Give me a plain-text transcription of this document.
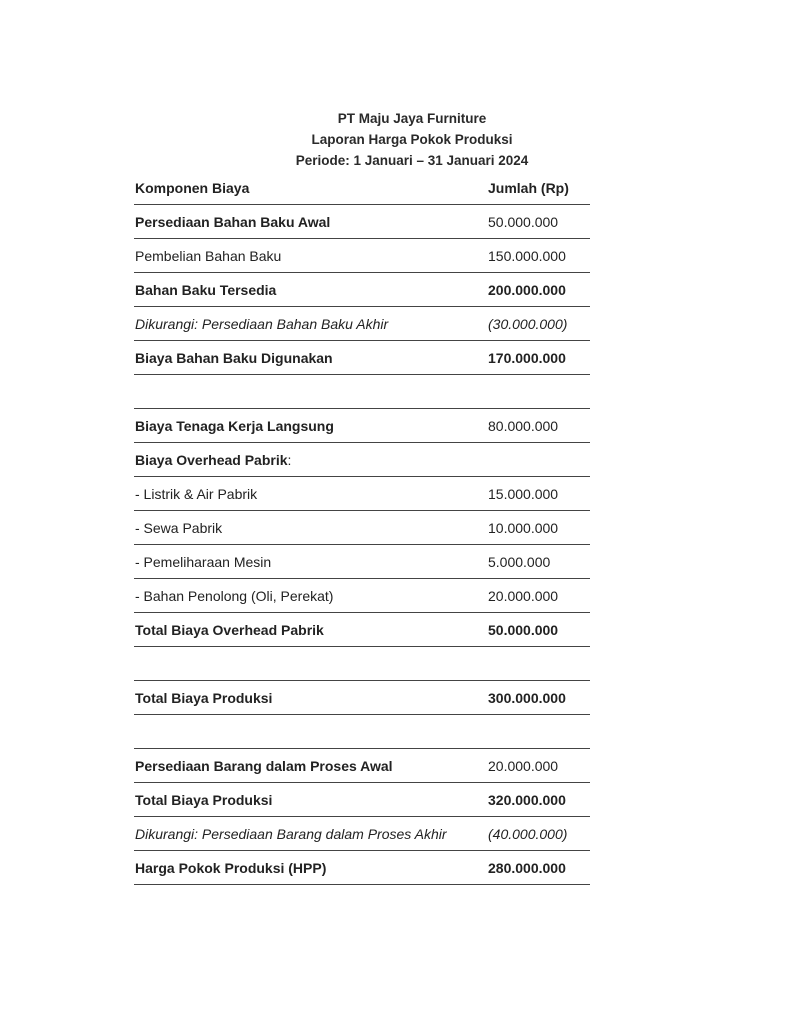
PT Maju Jaya Furniture
Laporan Harga Pokok Produksi
Periode: 1 Januari – 31 Januari 2024
Komponen Biaya	Jumlah (Rp)
Persediaan Bahan Baku Awal	50.000.000
Pembelian Bahan Baku	150.000.000
Bahan Baku Tersedia	200.000.000
Dikurangi: Persediaan Bahan Baku Akhir	(30.000.000)
Biaya Bahan Baku Digunakan	170.000.000
Biaya Tenaga Kerja Langsung	80.000.000
Biaya Overhead Pabrik:
- Listrik & Air Pabrik	15.000.000
- Sewa Pabrik	10.000.000
- Pemeliharaan Mesin	5.000.000
- Bahan Penolong (Oli, Perekat)	20.000.000
Total Biaya Overhead Pabrik	50.000.000
Total Biaya Produksi	300.000.000
Persediaan Barang dalam Proses Awal	20.000.000
Total Biaya Produksi	320.000.000
Dikurangi: Persediaan Barang dalam Proses Akhir	(40.000.000)
Harga Pokok Produksi (HPP)	280.000.000
